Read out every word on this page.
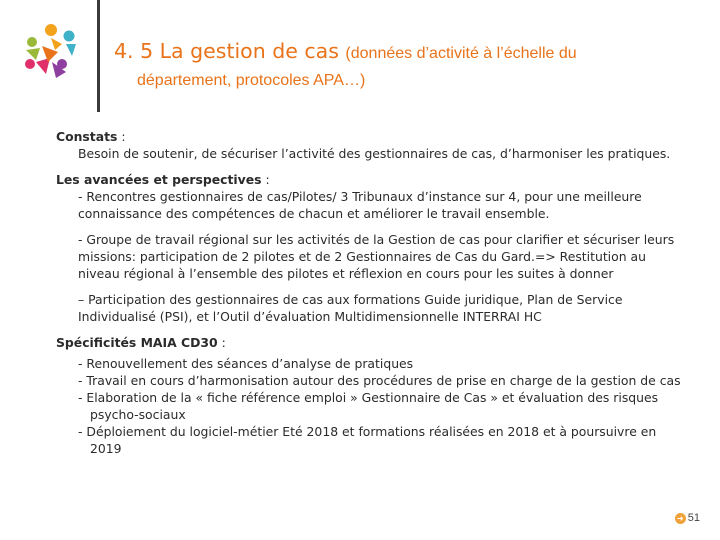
4. 5 La gestion de cas (données d’activité à l’échelle du
département, protocoles APA…)
Constats :
Besoin de soutenir, de sécuriser l’activité des gestionnaires de cas, d’harmoniser les pratiques.
Les avancées et perspectives :
- Rencontres gestionnaires de cas/Pilotes/ 3 Tribunaux d’instance sur 4, pour une meilleure
connaissance des compétences de chacun et améliorer le travail ensemble.
- Groupe de travail régional sur les activités de la Gestion de cas pour clarifier et sécuriser leurs
missions: participation de 2 pilotes et de 2 Gestionnaires de Cas du Gard.=> Restitution au
niveau régional à l’ensemble des pilotes et réflexion en cours pour les suites à donner
– Participation des gestionnaires de cas aux formations Guide juridique, Plan de Service
Individualisé (PSI), et l’Outil d’évaluation Multidimensionnelle INTERRAI HC
Spécificités MAIA CD30 :
- Renouvellement des séances d’analyse de pratiques
- Travail en cours d’harmonisation autour des procédures de prise en charge de la gestion de cas
- Elaboration de la « fiche référence emploi » Gestionnaire de Cas » et évaluation des risques
psycho-sociaux
- Déploiement du logiciel-métier Eté 2018 et formations réalisées en 2018 et à poursuivre en
2019
➜ 51
